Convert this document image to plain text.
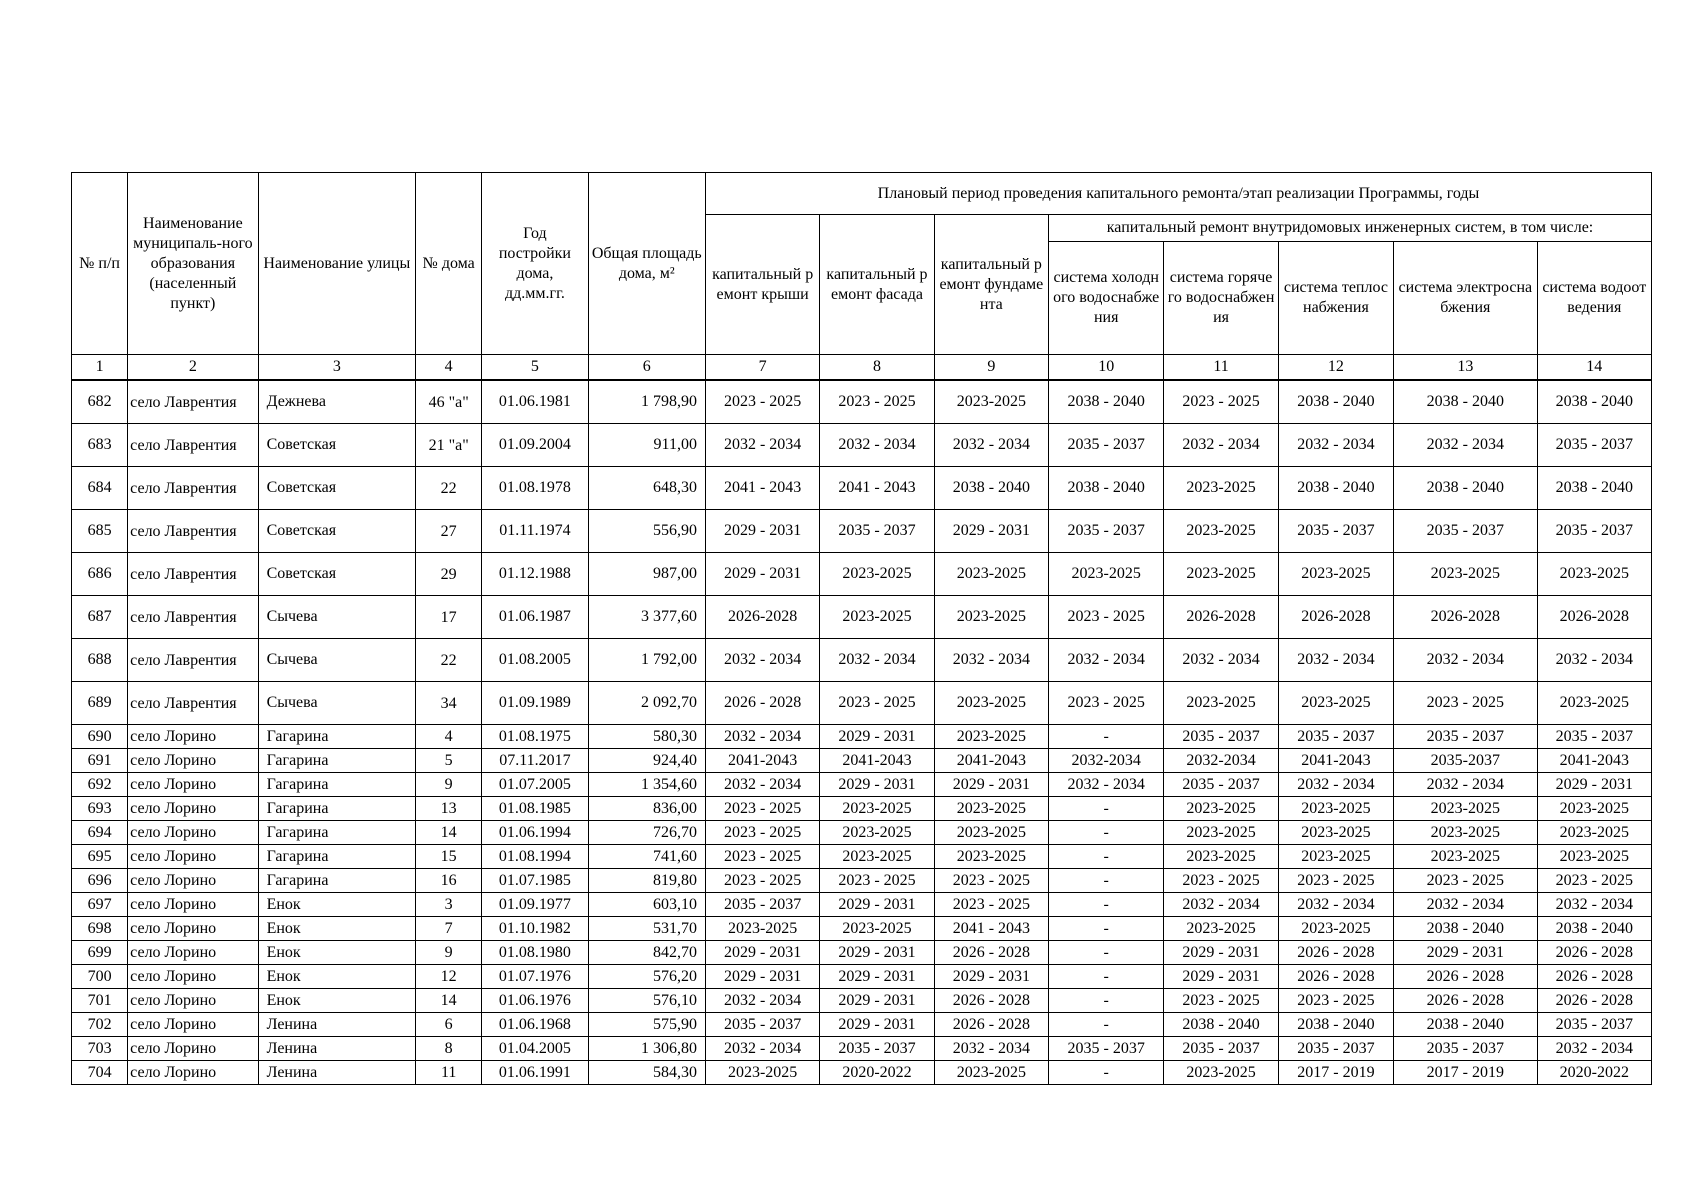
№ п/п	Наименование муниципаль-ного образования (населенный пункт)	Наименование улицы	№ дома	Год постройки дома, дд.мм.гг.	Общая площадь дома, м²	Плановый период проведения капитального ремонта/этап реализации Программы, годы							
						капитальный ремонт крыши	капитальный ремонт фасада	капитальный ремонт фундамента	капитальный ремонт внутридомовых инженерных систем, в том числе:				
									система холодного водоснабжения	система горячего водоснабжения	система теплоснабжения	система электроснабжения	система водоотведения
1	2	3	4	5	6	7	8	9	10	11	12	13	14
682	село Лаврентия	Дежнева	46 "а"	01.06.1981	1 798,90	2023 - 2025	2023 - 2025	2023-2025	2038 - 2040	2023 - 2025	2038 - 2040	2038 - 2040	2038 - 2040
683	село Лаврентия	Советская	21 "а"	01.09.2004	911,00	2032 - 2034	2032 - 2034	2032 - 2034	2035 - 2037	2032 - 2034	2032 - 2034	2032 - 2034	2035 - 2037
684	село Лаврентия	Советская	22	01.08.1978	648,30	2041 - 2043	2041 - 2043	2038 - 2040	2038 - 2040	2023-2025	2038 - 2040	2038 - 2040	2038 - 2040
685	село Лаврентия	Советская	27	01.11.1974	556,90	2029 - 2031	2035 - 2037	2029 - 2031	2035 - 2037	2023-2025	2035 - 2037	2035 - 2037	2035 - 2037
686	село Лаврентия	Советская	29	01.12.1988	987,00	2029 - 2031	2023-2025	2023-2025	2023-2025	2023-2025	2023-2025	2023-2025	2023-2025
687	село Лаврентия	Сычева	17	01.06.1987	3 377,60	2026-2028	2023-2025	2023-2025	2023 - 2025	2026-2028	2026-2028	2026-2028	2026-2028
688	село Лаврентия	Сычева	22	01.08.2005	1 792,00	2032 - 2034	2032 - 2034	2032 - 2034	2032 - 2034	2032 - 2034	2032 - 2034	2032 - 2034	2032 - 2034
689	село Лаврентия	Сычева	34	01.09.1989	2 092,70	2026 - 2028	2023 - 2025	2023-2025	2023 - 2025	2023-2025	2023-2025	2023 - 2025	2023-2025
690	село Лорино	Гагарина	4	01.08.1975	580,30	2032 - 2034	2029 - 2031	2023-2025	-	2035 - 2037	2035 - 2037	2035 - 2037	2035 - 2037
691	село Лорино	Гагарина	5	07.11.2017	924,40	2041-2043	2041-2043	2041-2043	2032-2034	2032-2034	2041-2043	2035-2037	2041-2043
692	село Лорино	Гагарина	9	01.07.2005	1 354,60	2032 - 2034	2029 - 2031	2029 - 2031	2032 - 2034	2035 - 2037	2032 - 2034	2032 - 2034	2029 - 2031
693	село Лорино	Гагарина	13	01.08.1985	836,00	2023 - 2025	2023-2025	2023-2025	-	2023-2025	2023-2025	2023-2025	2023-2025
694	село Лорино	Гагарина	14	01.06.1994	726,70	2023 - 2025	2023-2025	2023-2025	-	2023-2025	2023-2025	2023-2025	2023-2025
695	село Лорино	Гагарина	15	01.08.1994	741,60	2023 - 2025	2023-2025	2023-2025	-	2023-2025	2023-2025	2023-2025	2023-2025
696	село Лорино	Гагарина	16	01.07.1985	819,80	2023 - 2025	2023 - 2025	2023 - 2025	-	2023 - 2025	2023 - 2025	2023 - 2025	2023 - 2025
697	село Лорино	Енок	3	01.09.1977	603,10	2035 - 2037	2029 - 2031	2023 - 2025	-	2032 - 2034	2032 - 2034	2032 - 2034	2032 - 2034
698	село Лорино	Енок	7	01.10.1982	531,70	2023-2025	2023-2025	2041 - 2043	-	2023-2025	2023-2025	2038 - 2040	2038 - 2040
699	село Лорино	Енок	9	01.08.1980	842,70	2029 - 2031	2029 - 2031	2026 - 2028	-	2029 - 2031	2026 - 2028	2029 - 2031	2026 - 2028
700	село Лорино	Енок	12	01.07.1976	576,20	2029 - 2031	2029 - 2031	2029 - 2031	-	2029 - 2031	2026 - 2028	2026 - 2028	2026 - 2028
701	село Лорино	Енок	14	01.06.1976	576,10	2032 - 2034	2029 - 2031	2026 - 2028	-	2023 - 2025	2023 - 2025	2026 - 2028	2026 - 2028
702	село Лорино	Ленина	6	01.06.1968	575,90	2035 - 2037	2029 - 2031	2026 - 2028	-	2038 - 2040	2038 - 2040	2038 - 2040	2035 - 2037
703	село Лорино	Ленина	8	01.04.2005	1 306,80	2032 - 2034	2035 - 2037	2032 - 2034	2035 - 2037	2035 - 2037	2035 - 2037	2035 - 2037	2032 - 2034
704	село Лорино	Ленина	11	01.06.1991	584,30	2023-2025	2020-2022	2023-2025	-	2023-2025	2017 - 2019	2017 - 2019	2020-2022
